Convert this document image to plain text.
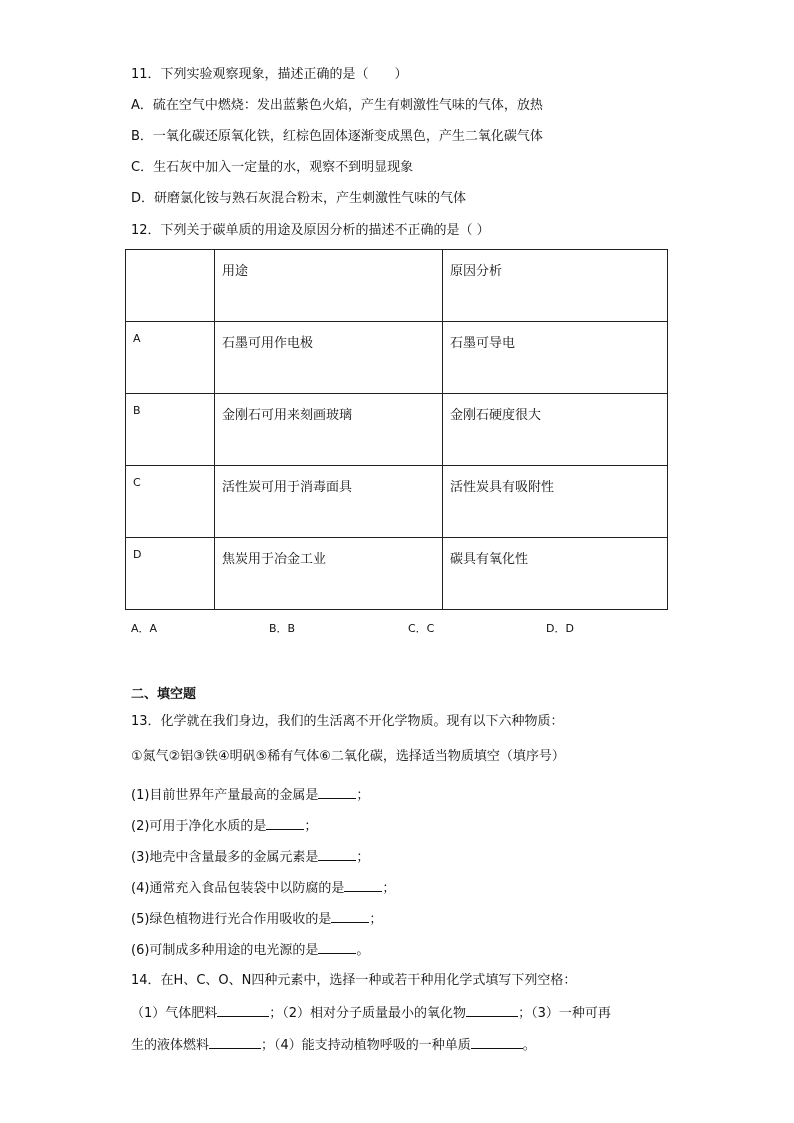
11．下列实验观察现象，描述正确的是（　　）
A．硫在空气中燃烧：发出蓝紫色火焰，产生有刺激性气味的气体，放热
B．一氧化碳还原氧化铁，红棕色固体逐渐变成黑色，产生二氧化碳气体
C．生石灰中加入一定量的水，观察不到明显现象
D．研磨氯化铵与熟石灰混合粉末，产生刺激性气味的气体
12．下列关于碳单质的用途及原因分析的描述不正确的是（ ）
	用途	原因分析
A	石墨可用作电极	石墨可导电
B	金刚石可用来刻画玻璃	金刚石硬度很大
C	活性炭可用于消毒面具	活性炭具有吸附性
D	焦炭用于冶金工业	碳具有氧化性
A．A	B．B	C．C	D．D
二、填空题
13．化学就在我们身边，我们的生活离不开化学物质。现有以下六种物质：
①氮气②铝③铁④明矾⑤稀有气体⑥二氧化碳，选择适当物质填空（填序号）
(1)目前世界年产量最高的金属是	；
(2)可用于净化水质的是	；
(3)地壳中含量最多的金属元素是	；
(4)通常充入食品包装袋中以防腐的是	；
(5)绿色植物进行光合作用吸收的是	；
(6)可制成多种用途的电光源的是	。
14．在H、C、O、N四种元素中，选择一种或若干种用化学式填写下列空格：
（1）气体肥料	；（2）相对分子质量最小的氧化物	；（3）一种可再
生的液体燃料	；（4）能支持动植物呼吸的一种单质	。
